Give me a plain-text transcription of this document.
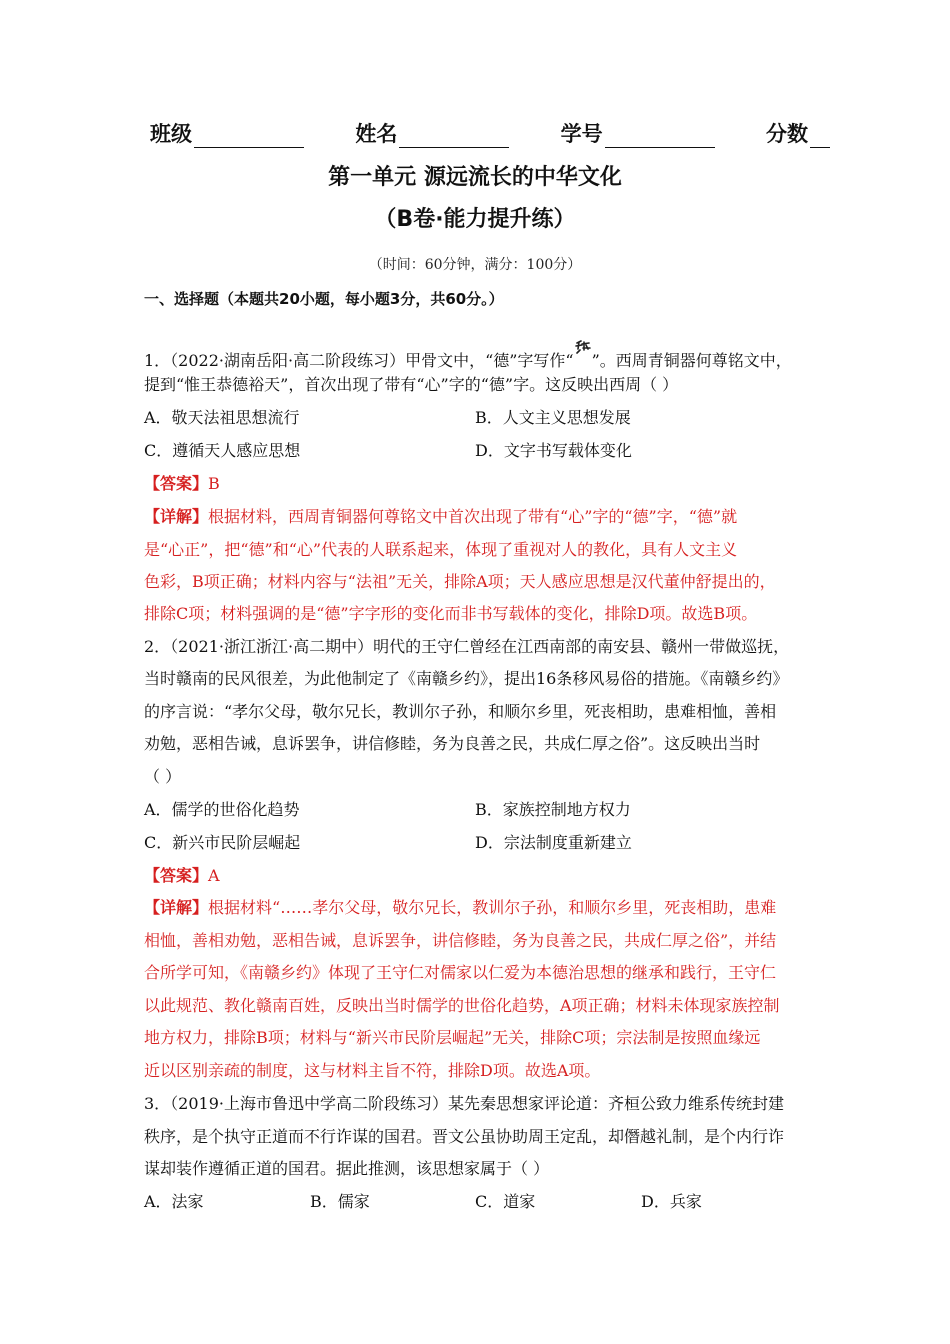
班级	姓名	学号	分数
第一单元 源远流长的中华文化
（B卷·能力提升练）
（时间：60分钟，满分：100分）
一、选择题（本题共20小题，每小题3分，共60分。）
1．（2022·湖南岳阳·高二阶段练习）甲骨文中，“德”字写作“ ”。西周青铜器何尊铭文中，
提到“惟王恭德裕天”，首次出现了带有“心”字的“德”字。这反映出西周（ ）
A．敬天法祖思想流行	B．人文主义思想发展
C．遵循天人感应思想	D．文字书写载体变化
【答案】B
【详解】根据材料，西周青铜器何尊铭文中首次出现了带有“心”字的“德”字，“德”就
是“心正”，把“德”和“心”代表的人联系起来，体现了重视对人的教化，具有人文主义
色彩，B项正确；材料内容与“法祖”无关，排除A项；天人感应思想是汉代董仲舒提出的，
排除C项；材料强调的是“德”字字形的变化而非书写载体的变化，排除D项。故选B项。
2．（2021·浙江浙江·高二期中）明代的王守仁曾经在江西南部的南安县、赣州一带做巡抚，
当时赣南的民风很差，为此他制定了《南赣乡约》，提出16条移风易俗的措施。《南赣乡约》
的序言说：“孝尔父母，敬尔兄长，教训尔子孙，和顺尔乡里，死丧相助，患难相恤，善相
劝勉，恶相告诫，息诉罢争，讲信修睦，务为良善之民，共成仁厚之俗”。这反映出当时
（ ）
A．儒学的世俗化趋势	B．家族控制地方权力
C．新兴市民阶层崛起	D．宗法制度重新建立
【答案】A
【详解】根据材料“……孝尔父母，敬尔兄长，教训尔子孙，和顺尔乡里，死丧相助，患难
相恤，善相劝勉，恶相告诫，息诉罢争，讲信修睦，务为良善之民，共成仁厚之俗”，并结
合所学可知，《南赣乡约》体现了王守仁对儒家以仁爱为本德治思想的继承和践行，王守仁
以此规范、教化赣南百姓，反映出当时儒学的世俗化趋势，A项正确；材料未体现家族控制
地方权力，排除B项；材料与“新兴市民阶层崛起”无关，排除C项；宗法制是按照血缘远
近以区别亲疏的制度，这与材料主旨不符，排除D项。故选A项。
3．（2019·上海市鲁迅中学高二阶段练习）某先秦思想家评论道：齐桓公致力维系传统封建
秩序，是个执守正道而不行诈谋的国君。晋文公虽协助周王定乱，却僭越礼制，是个内行诈
谋却装作遵循正道的国君。据此推测，该思想家属于（ ）
A．法家	B．儒家	C．道家	D．兵家
